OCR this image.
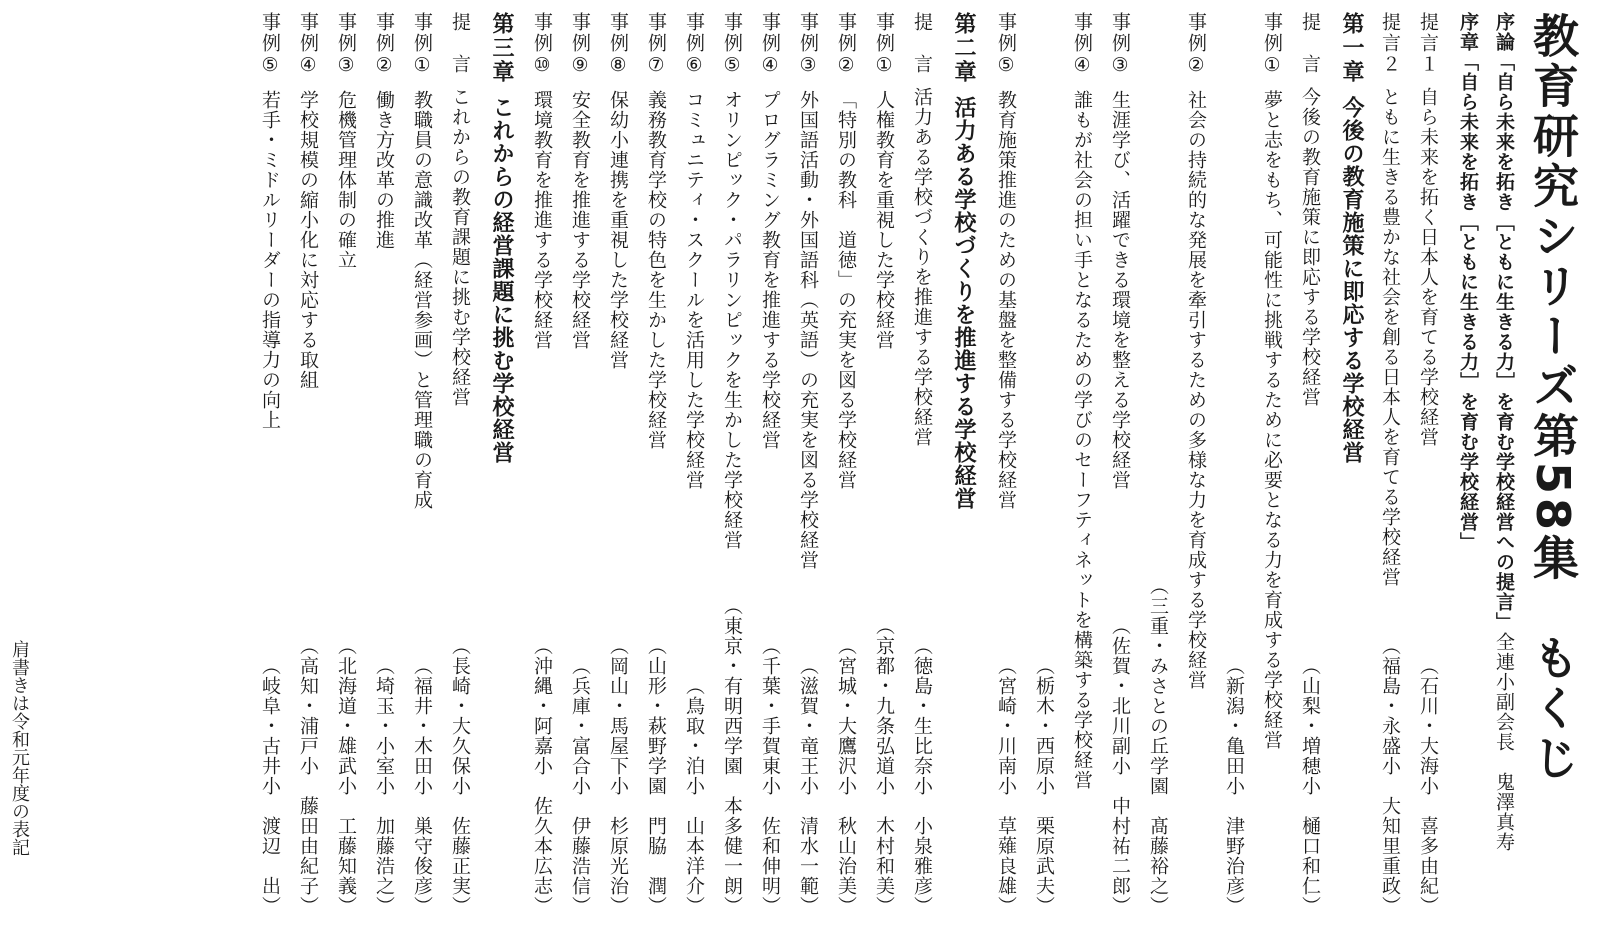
教育研究シリーズ第58集　もくじ
序論「自ら未来を拓き［ともに生きる力］を育む学校経営への提言」全連小副会長　鬼澤真寿
序章「自ら未来を拓き［ともに生きる力］を育む学校経営」
提言１自ら未来を拓く日本人を育てる学校経営
（石川・大海小　喜多由紀）
提言２ともに生きる豊かな社会を創る日本人を育てる学校経営
（福島・永盛小　大知里重政）
第一章今後の教育施策に即応する学校経営
提　言今後の教育施策に即応する学校経営
（山梨・増穂小　樋口和仁）
事例①夢と志をもち、可能性に挑戦するために必要となる力を育成する学校経営
（新潟・亀田小　津野治彦）
事例②社会の持続的な発展を牽引するための多様な力を育成する学校経営
（三重・みさとの丘学園　髙藤裕之）
事例③生涯学び、活躍できる環境を整える学校経営
（佐賀・北川副小　中村祐二郎）
事例④誰もが社会の担い手となるための学びのセーフティネットを構築する学校経営
（栃木・西原小　栗原武夫）
事例⑤教育施策推進のための基盤を整備する学校経営
（宮崎・川南小　草薙良雄）
第二章活力ある学校づくりを推進する学校経営
提　言活力ある学校づくりを推進する学校経営
（徳島・生比奈小　小泉雅彦）
事例①人権教育を重視した学校経営
（京都・九条弘道小　木村和美）
事例②「特別の教科　道徳」の充実を図る学校経営
（宮城・大鷹沢小　秋山治美）
事例③外国語活動・外国語科（英語）の充実を図る学校経営
（滋賀・竜王小　清水一範）
事例④プログラミング教育を推進する学校経営
（千葉・手賀東小　佐和伸明）
事例⑤オリンピック・パラリンピックを生かした学校経営
（東京・有明西学園　本多健一朗）
事例⑥コミュニティ・スクールを活用した学校経営
（鳥取・泊小　山本洋介）
事例⑦義務教育学校の特色を生かした学校経営
（山形・萩野学園　門脇　潤）
事例⑧保幼小連携を重視した学校経営
（岡山・馬屋下小　杉原光治）
事例⑨安全教育を推進する学校経営
（兵庫・富合小　伊藤浩信）
事例⑩環境教育を推進する学校経営
（沖縄・阿嘉小　佐久本広志）
第三章これからの経営課題に挑む学校経営
提　言これからの教育課題に挑む学校経営
（長崎・大久保小　佐藤正実）
事例①教職員の意識改革（経営参画）と管理職の育成
（福井・木田小　巣守俊彦）
事例②働き方改革の推進
（埼玉・小室小　加藤浩之）
事例③危機管理体制の確立
（北海道・雄武小　工藤知義）
事例④学校規模の縮小化に対応する取組
（高知・浦戸小　藤田由紀子）
事例⑤若手・ミドルリーダーの指導力の向上
（岐阜・古井小　渡辺　出）
肩書きは令和元年度の表記
